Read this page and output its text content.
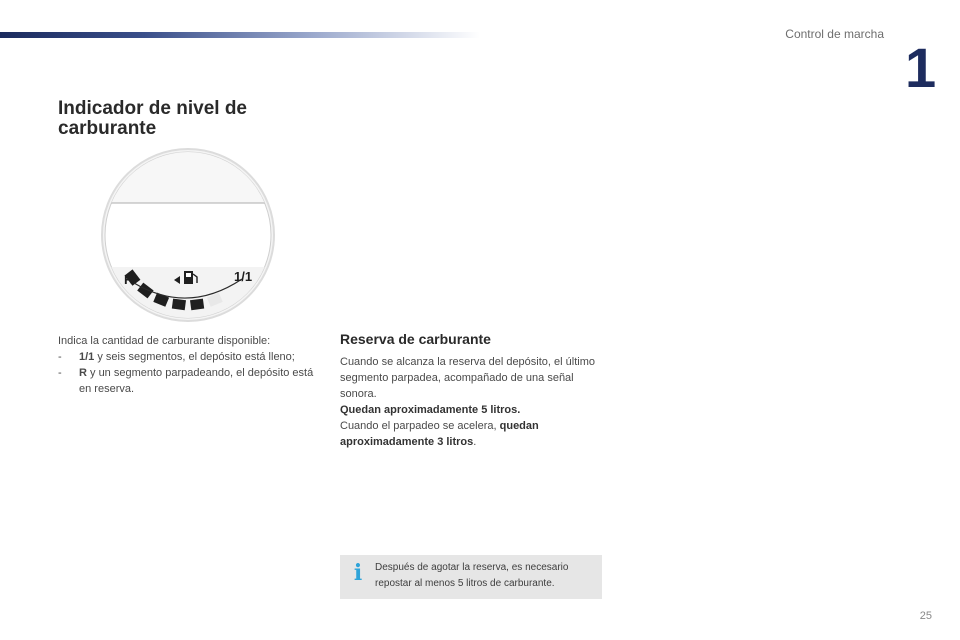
Control de marcha
1
Indicador de nivel de carburante
R	1/1

Indica la cantidad de carburante disponible:

- 1/1 y seis segmentos, el depósito está lleno;

- R y un segmento parpadeando, el depósito está en reserva.

Reserva de carburante

Cuando se alcanza la reserva del depósito, el último segmento parpadea, acompañado de una señal sonora.

Quedan aproximadamente 5 litros.

Cuando el parpadeo se acelera, quedan aproximadamente 3 litros.

i Después de agotar la reserva, es necesario repostar al menos 5 litros de carburante.
25
